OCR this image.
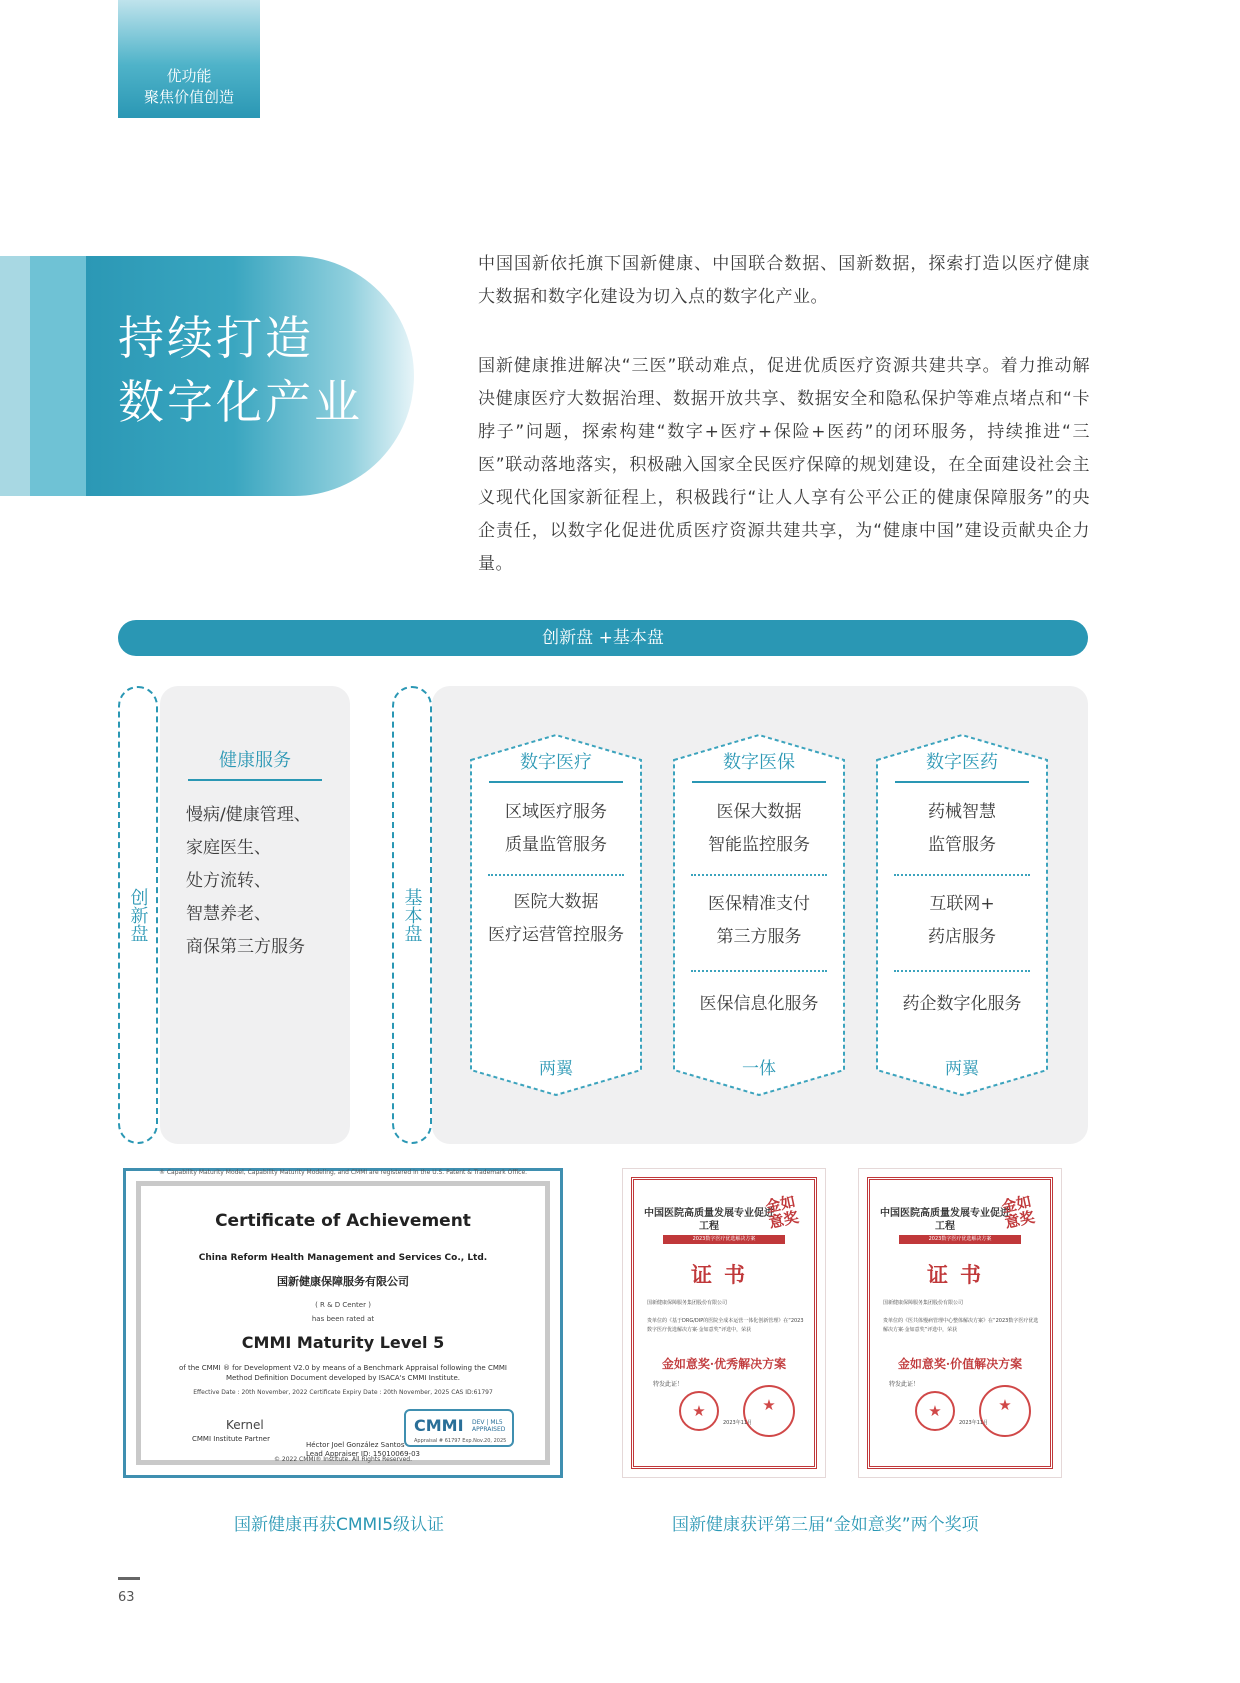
优功能
聚焦价值创造
持续打造
数字化产业

中国国新依托旗下国新健康、中国联合数据、国新数据，探索打造以医疗健康大数据和数字化建设为切入点的数字化产业。

国新健康推进解决“三医”联动难点，促进优质医疗资源共建共享。着力推动解决健康医疗大数据治理、数据开放共享、数据安全和隐私保护等难点堵点和“卡脖子”问题，探索构建“数字+医疗+保险+医药”的闭环服务，持续推进“三医”联动落地落实，积极融入国家全民医疗保障的规划建设，在全面建设社会主义现代化国家新征程上，积极践行“让人人享有公平公正的健康保障服务”的央企责任，以数字化促进优质医疗资源共建共享，为“健康中国”建设贡献央企力量。

创新盘 +基本盘
创新盘	基本盘
健康服务
慢病/健康管理、
家庭医生、
处方流转、
智慧养老、
商保第三方服务
数字医疗
区域医疗服务
质量监管服务
医院大数据
医疗运营管控服务
两翼
数字医保
医保大数据
智能监控服务
医保精准支付
第三方服务
医保信息化服务
一体
数字医药
药械智慧
监管服务
互联网+
药店服务
药企数字化服务
两翼
® Capability Maturity Model, Capability Maturity Modeling, and CMMI are registered in the U.S. Patent & Trademark Office.
Certificate of Achievement
China Reform Health Management and Services Co., Ltd.
国新健康保障服务有限公司
( R & D Center )
has been rated at
CMMI Maturity Level 5
of the CMMI ® for Development V2.0 by means of a Benchmark Appraisal following the CMMI Method Definition Document developed by ISACA's CMMI Institute.
Effective Date : 20th November, 2022 Certificate Expiry Date : 20th November, 2025 CAS ID:61797
Kernel
CMMI Institute Partner
Héctor Joel González Santos
Lead Appraiser ID: 15010069-03
CMMI DEV | ML5 APPRAISED
Appraisal # 61797 Exp.Nov.20, 2025
© 2022 CMMI® Institute. All Rights Reserved.
中国医院高质量发展专业促进工程
2023数字医疗优选解决方案
金如意奖
证书
国新健康保障服务集团股份有限公司
贵单位的《基于DRG/DIP的医院全成本运营一体化创新管理》在“2023数字医疗优选解决方案·金如意奖”评选中，荣获
金如意奖·优秀解决方案
特发此证！
★
★
2023年11月
中国医院高质量发展专业促进工程
2023数字医疗优选解决方案
金如意奖
证书
国新健康保障服务集团股份有限公司
贵单位的《医共体慢病管理中心整体解决方案》在“2023数字医疗优选解决方案·金如意奖”评选中，荣获
金如意奖·价值解决方案
特发此证！
★
★
2023年11月
国新健康再获CMMI5级认证	国新健康获评第三届“金如意奖”两个奖项
63
